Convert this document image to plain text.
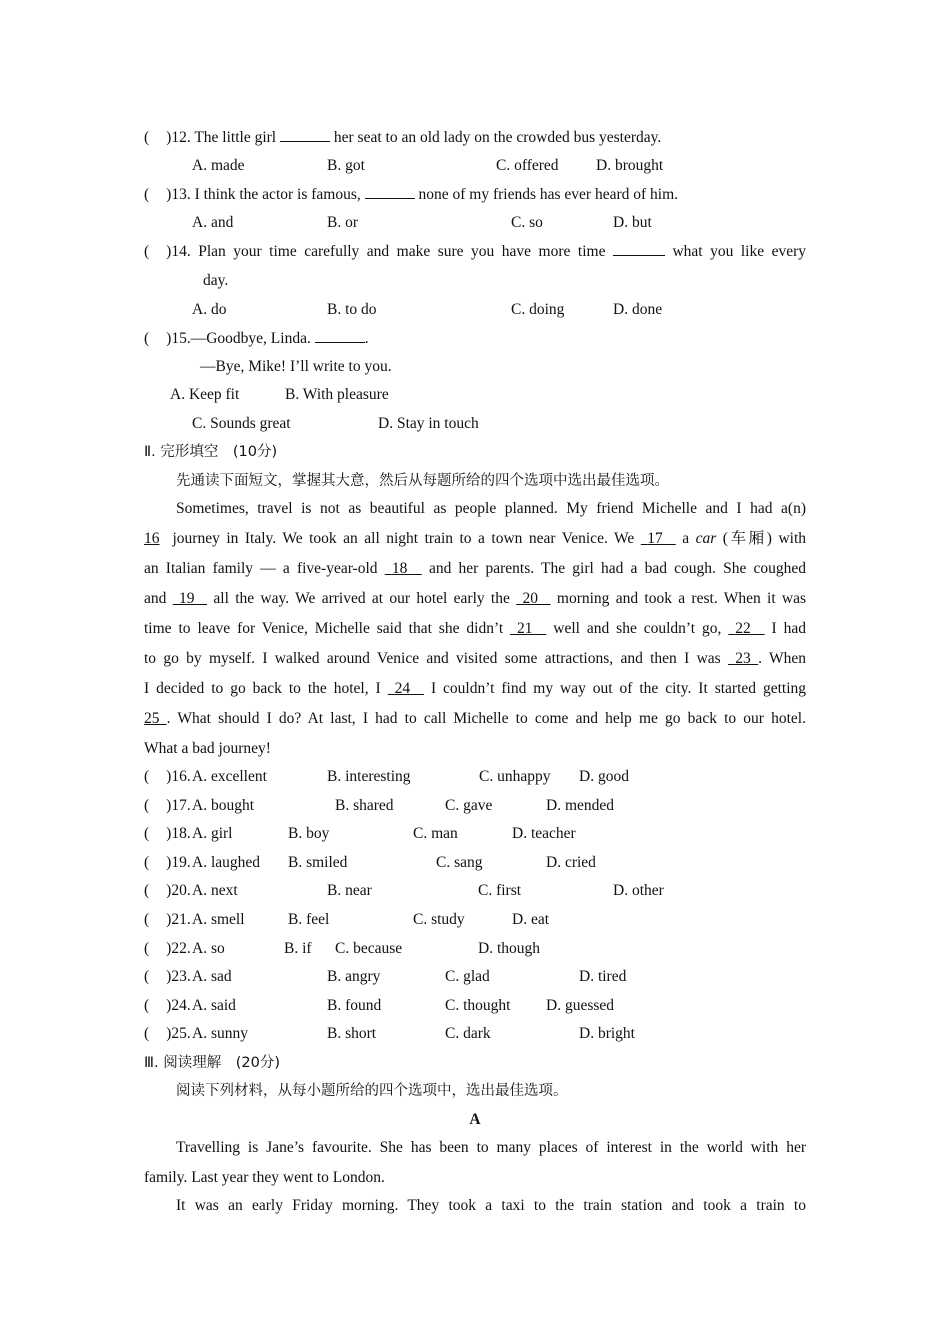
( )12. The little girl	her seat to an old lady on the crowded bus yesterday.
A. made	B. got	C. offered D. brought
( )13. I think the actor is famous,	none of my friends has ever heard of him.
A. and	B. or	C. so	D. but
( )14. Plan your time carefully and make sure you have more time	what you like every
day.
A. do	B. to do	C. doing	D. done
( )15.—Goodbye, Linda.	.
—Bye, Mike! I’ll write to you.
A. Keep fit	B. With pleasure
C. Sounds great	D. Stay in touch
Ⅱ. 完形填空　(10分)
先通读下面短文，掌握其大意，然后从每题所给的四个选项中选出最佳选项。
Sometimes, travel is not as beautiful as people planned. My friend Michelle and I had a(n)
16  journey in Italy. We took an all night train to a town near Venice. We  17   a car (车厢) with
an Italian family — a five-year-old  18   and her parents. The girl had a bad cough. She coughed
and  19   all the way. We arrived at our hotel early the  20   morning and took a rest. When it was
time to leave for Venice, Michelle said that she didn’t  21   well and she couldn’t go,  22   I had
to go by myself. I walked around Venice and visited some attractions, and then I was  23 . When
I decided to go back to the hotel, I  24   I couldn’t find my way out of the city. It started getting
25 . What should I do? At last, I had to call Michelle to come and help me go back to our hotel.
What a bad journey!
( )16. A. excellent	B. interesting	C. unhappy D. good
( )17. A. bought	B. shared	C. gave	D. mended
( )18. A. girl	B. boy	C. man	D. teacher
( )19. A. laughed B. smiled	C. sang	D. cried
( )20. A. next	B. near	C. first	D. other
( )21. A. smell	B. feel	C. study	D. eat
( )22. A. so	B. if C. because	D. though
( )23. A. sad	B. angry	C. glad	D. tired
( )24. A. said	B. found	C. thought D. guessed
( )25. A. sunny	B. short	C. dark	D. bright
Ⅲ. 阅读理解　(20分)
阅读下列材料，从每小题所给的四个选项中，选出最佳选项。
A
Travelling is Jane’s favourite. She has been to many places of interest in the world with her
family. Last year they went to London.
It was an early Friday morning. They took a taxi to the train station and took a train to
